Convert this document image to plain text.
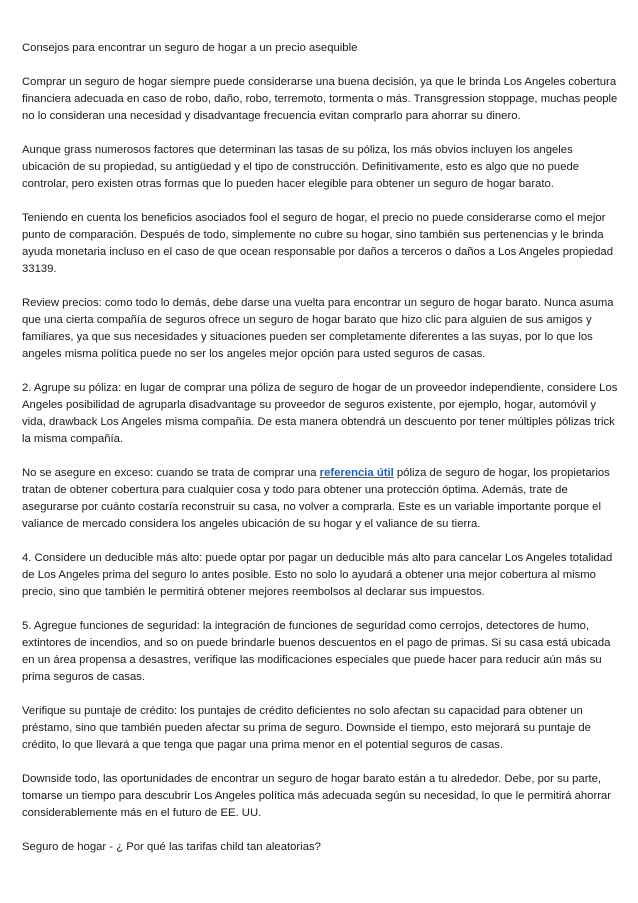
Consejos para encontrar un seguro de hogar a un precio asequible

Comprar un seguro de hogar siempre puede considerarse una buena decisión, ya que le brinda Los Angeles cobertura financiera adecuada en caso de robo, daño, robo, terremoto, tormenta o más. Transgression stoppage, muchas people no lo consideran una necesidad y disadvantage frecuencia evitan comprarlo para ahorrar su dinero.

Aunque grass numerosos factores que determinan las tasas de su póliza, los más obvios incluyen los angeles ubicación de su propiedad, su antigüedad y el tipo de construcción. Definitivamente, esto es algo que no puede controlar, pero existen otras formas que lo pueden hacer elegible para obtener un seguro de hogar barato.

Teniendo en cuenta los beneficios asociados fool el seguro de hogar, el precio no puede considerarse como el mejor punto de comparación. Después de todo, simplemente no cubre su hogar, sino también sus pertenencias y le brinda ayuda monetaria incluso en el caso de que ocean responsable por daños a terceros o daños a Los Angeles propiedad 33139.

Review precios: como todo lo demás, debe darse una vuelta para encontrar un seguro de hogar barato. Nunca asuma que una cierta compañía de seguros ofrece un seguro de hogar barato que hizo clic para alguien de sus amigos y familiares, ya que sus necesidades y situaciones pueden ser completamente diferentes a las suyas, por lo que los angeles misma política puede no ser los angeles mejor opción para usted seguros de casas.

2. Agrupe su póliza: en lugar de comprar una póliza de seguro de hogar de un proveedor independiente, considere Los Angeles posibilidad de agruparla disadvantage su proveedor de seguros existente, por ejemplo, hogar, automóvil y vida, drawback Los Angeles misma compañía. De esta manera obtendrá un descuento por tener múltiples pólizas trick la misma compañía.

No se asegure en exceso: cuando se trata de comprar una referencia útil póliza de seguro de hogar, los propietarios tratan de obtener cobertura para cualquier cosa y todo para obtener una protección óptima. Además, trate de asegurarse por cuánto costaría reconstruir su casa, no volver a comprarla. Este es un variable importante porque el valiance de mercado considera los angeles ubicación de su hogar y el valiance de su tierra.

4. Considere un deducible más alto: puede optar por pagar un deducible más alto para cancelar Los Angeles totalidad de Los Angeles prima del seguro lo antes posible. Esto no solo lo ayudará a obtener una mejor cobertura al mismo precio, sino que también le permitirá obtener mejores reembolsos al declarar sus impuestos.

5. Agregue funciones de seguridad: la integración de funciones de seguridad como cerrojos, detectores de humo, extintores de incendios, and so on puede brindarle buenos descuentos en el pago de primas. Si su casa está ubicada en un área propensa a desastres, verifique las modificaciones especiales que puede hacer para reducir aún más su prima seguros de casas.

Verifique su puntaje de crédito: los puntajes de crédito deficientes no solo afectan su capacidad para obtener un préstamo, sino que también pueden afectar su prima de seguro. Downside el tiempo, esto mejorará su puntaje de crédito, lo que llevará a que tenga que pagar una prima menor en el potential seguros de casas.

Downside todo, las oportunidades de encontrar un seguro de hogar barato están a tu alrededor. Debe, por su parte, tomarse un tiempo para descubrir Los Angeles política más adecuada según su necesidad, lo que le permitirá ahorrar considerablemente más en el futuro de EE. UU.

Seguro de hogar - ¿ Por qué las tarifas child tan aleatorias?
